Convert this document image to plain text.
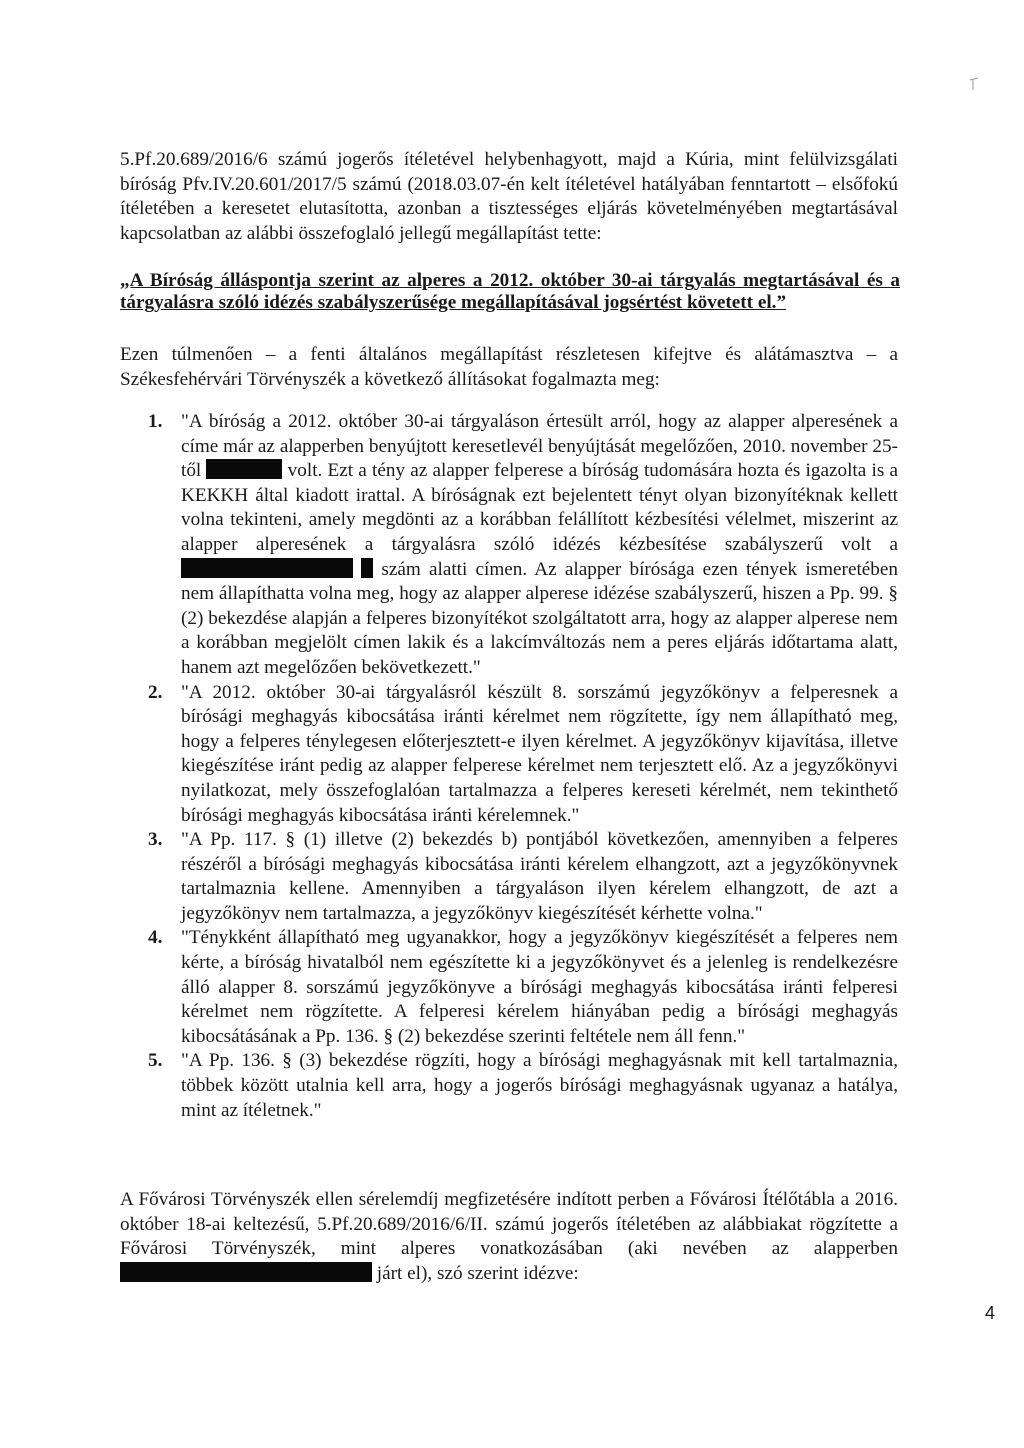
5.Pf.20.689/2016/6 számú jogerős ítéletével helybenhagyott, majd a Kúria, mint felülvizsgálati bíróság Pfv.IV.20.601/2017/5 számú (2018.03.07-én kelt ítéletével hatályában fenntartott – elsőfokú ítéletében a keresetet elutasította, azonban a tisztességes eljárás követelményében megtartásával kapcsolatban az alábbi összefoglaló jellegű megállapítást tette:
„A Bíróság álláspontja szerint az alperes a 2012. október 30-ai tárgyalás megtartásával és a tárgyalásra szóló idézés szabályszerűsége megállapításával jogsértést követett el.”
Ezen túlmenően – a fenti általános megállapítást részletesen kifejtve és alátámasztva – a Székesfehérvári Törvényszék a következő állításokat fogalmazta meg:
1. "A bíróság a 2012. október 30-ai tárgyaláson értesült arról, hogy az alapper alperesének a címe már az alapperben benyújtott keresetlevél benyújtását megelőzően, 2010. november 25-től	volt. Ezt a tény az alapper felperese a bíróság tudomására hozta és igazolta is a KEKKH által kiadott irattal. A bíróságnak ezt bejelentett tényt olyan bizonyítéknak kellett volna tekinteni, amely megdönti az a korábban felállított kézbesítési vélelmet, miszerint az alapper alperesének a tárgyalásra szóló idézés kézbesítése szabályszerű volt a   szám alatti címen. Az alapper bírósága ezen tények ismeretében nem állapíthatta volna meg, hogy az alapper alperese idézése szabályszerű, hiszen a Pp. 99. § (2) bekezdése alapján a felperes bizonyítékot szolgáltatott arra, hogy az alapper alperese nem a korábban megjelölt címen lakik és a lakcímváltozás nem a peres eljárás időtartama alatt, hanem azt megelőzően bekövetkezett."
2. "A 2012. október 30-ai tárgyalásról készült 8. sorszámú jegyzőkönyv a felperesnek a bírósági meghagyás kibocsátása iránti kérelmet nem rögzítette, így nem állapítható meg, hogy a felperes ténylegesen előterjesztett-e ilyen kérelmet. A jegyzőkönyv kijavítása, illetve kiegészítése iránt pedig az alapper felperese kérelmet nem terjesztett elő. Az a jegyzőkönyvi nyilatkozat, mely összefoglalóan tartalmazza a felperes kereseti kérelmét, nem tekinthető bírósági meghagyás kibocsátása iránti kérelemnek."
3. "A Pp. 117. § (1) illetve (2) bekezdés b) pontjából következően, amennyiben a felperes részéről a bírósági meghagyás kibocsátása iránti kérelem elhangzott, azt a jegyzőkönyvnek tartalmaznia kellene. Amennyiben a tárgyaláson ilyen kérelem elhangzott, de azt a jegyzőkönyv nem tartalmazza, a jegyzőkönyv kiegészítését kérhette volna."
4. "Ténykként állapítható meg ugyanakkor, hogy a jegyzőkönyv kiegészítését a felperes nem kérte, a bíróság hivatalból nem egészítette ki a jegyzőkönyvet és a jelenleg is rendelkezésre álló alapper 8. sorszámú jegyzőkönyve a bírósági meghagyás kibocsátása iránti felperesi kérelmet nem rögzítette. A felperesi kérelem hiányában pedig a bírósági meghagyás kibocsátásának a Pp. 136. § (2) bekezdése szerinti feltétele nem áll fenn."
5. "A Pp. 136. § (3) bekezdése rögzíti, hogy a bírósági meghagyásnak mit kell tartalmaznia, többek között utalnia kell arra, hogy a jogerős bírósági meghagyásnak ugyanaz a hatálya, mint az ítéletnek."
A Fővárosi Törvényszék ellen sérelemdíj megfizetésére indított perben a Fővárosi Ítélőtábla a 2016. október 18-ai keltezésű, 5.Pf.20.689/2016/6/II. számú jogerős ítéletében az alábbiakat rögzítette a Fővárosi Törvényszék, mint alperes vonatkozásában (aki nevében az alapperben  járt el), szó szerint idézve:
4
